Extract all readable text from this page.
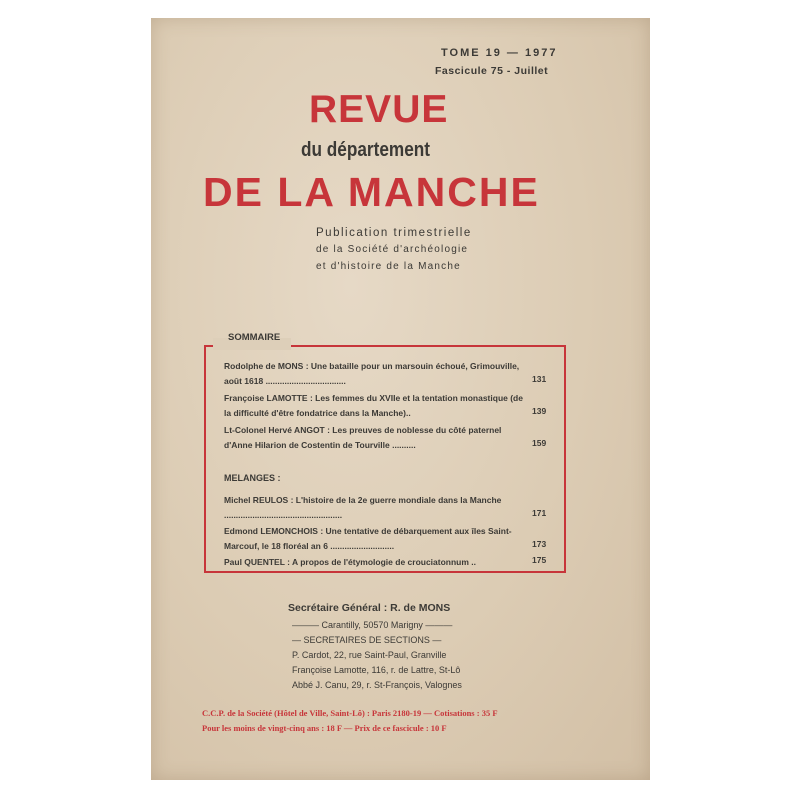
TOME 19 — 1977
Fascicule 75 - Juillet
REVUE
du département
DE LA MANCHE
Publication trimestrielle
de la Société d'archéologie
et d'histoire de la Manche
SOMMAIRE
Rodolphe de MONS : Une bataille pour un marsouin échoué, Grimouville, août 1618 ..................................	131
Françoise LAMOTTE : Les femmes du XVIIe et la tentation monastique (de la difficulté d'être fondatrice dans la Manche)..	139
Lt-Colonel Hervé ANGOT : Les preuves de noblesse du côté paternel d'Anne Hilarion de Costentin de Tourville ..........	159
MELANGES :
Michel REULOS : L'histoire de la 2e guerre mondiale dans la Manche ..................................................	171
Edmond LEMONCHOIS : Une tentative de débarquement aux îles Saint-Marcouf, le 18 floréal an 6 ...........................	173
Paul QUENTEL : A propos de l'étymologie de crouciatonnum ..	175
Secrétaire Général : R. de MONS
——— Carantilly, 50570 Marigny ———
— SECRETAIRES DE SECTIONS —
P. Cardot, 22, rue Saint-Paul, Granville
Françoise Lamotte, 116, r. de Lattre, St-Lô
Abbé J. Canu, 29, r. St-François, Valognes
C.C.P. de la Société (Hôtel de Ville, Saint-Lô) : Paris 2180-19 — Cotisations : 35 F
Pour les moins de vingt-cinq ans : 18 F — Prix de ce fascicule : 10 F
